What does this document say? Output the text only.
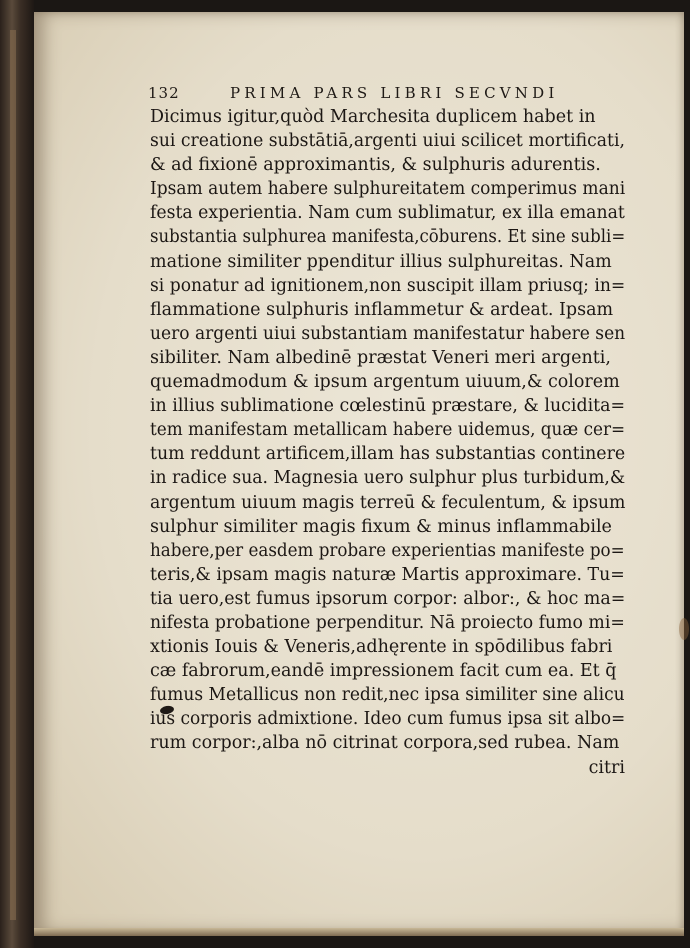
132	PRIMA PARS LIBRI SECVNDI
Dicimus igitur,quòd Marchesita duplicem habet in
sui creatione substātiā,argenti uiui scilicet mortificati,
& ad fixionē approximantis, & sulphuris adurentis.
Ipsam autem habere sulphureitatem comperimus mani
festa experientia. Nam cum sublimatur, ex illa emanat
substantia sulphurea manifesta,cōburens. Et sine subli=
matione similiter ppenditur illius sulphureitas. Nam
si ponatur ad ignitionem,non suscipit illam priusq; in=
flammatione sulphuris inflammetur & ardeat. Ipsam
uero argenti uiui substantiam manifestatur habere sen
sibiliter. Nam albedinē præstat Veneri meri argenti,
quemadmodum & ipsum argentum uiuum,& colorem
in illius sublimatione cœlestinū præstare, & lucidita=
tem manifestam metallicam habere uidemus, quæ cer=
tum reddunt artificem,illam has substantias continere
in radice sua. Magnesia uero sulphur plus turbidum,&
argentum uiuum magis terreū & feculentum, & ipsum
sulphur similiter magis fixum & minus inflammabile
habere,per easdem probare experientias manifeste po=
teris,& ipsam magis naturæ Martis approximare. Tu=
tia uero,est fumus ipsorum corpor: albor:, & hoc ma=
nifesta probatione perpenditur. Nā proiecto fumo mi=
xtionis Iouis & Veneris,adhęrente in spōdilibus fabri
cæ fabrorum,eandē impressionem facit cum ea. Et q̄
fumus Metallicus non redit,nec ipsa similiter sine alicu
ius corporis admixtione. Ideo cum fumus ipsa sit albo=
rum corpor:,alba nō citrinat corpora,sed rubea. Nam
citri
